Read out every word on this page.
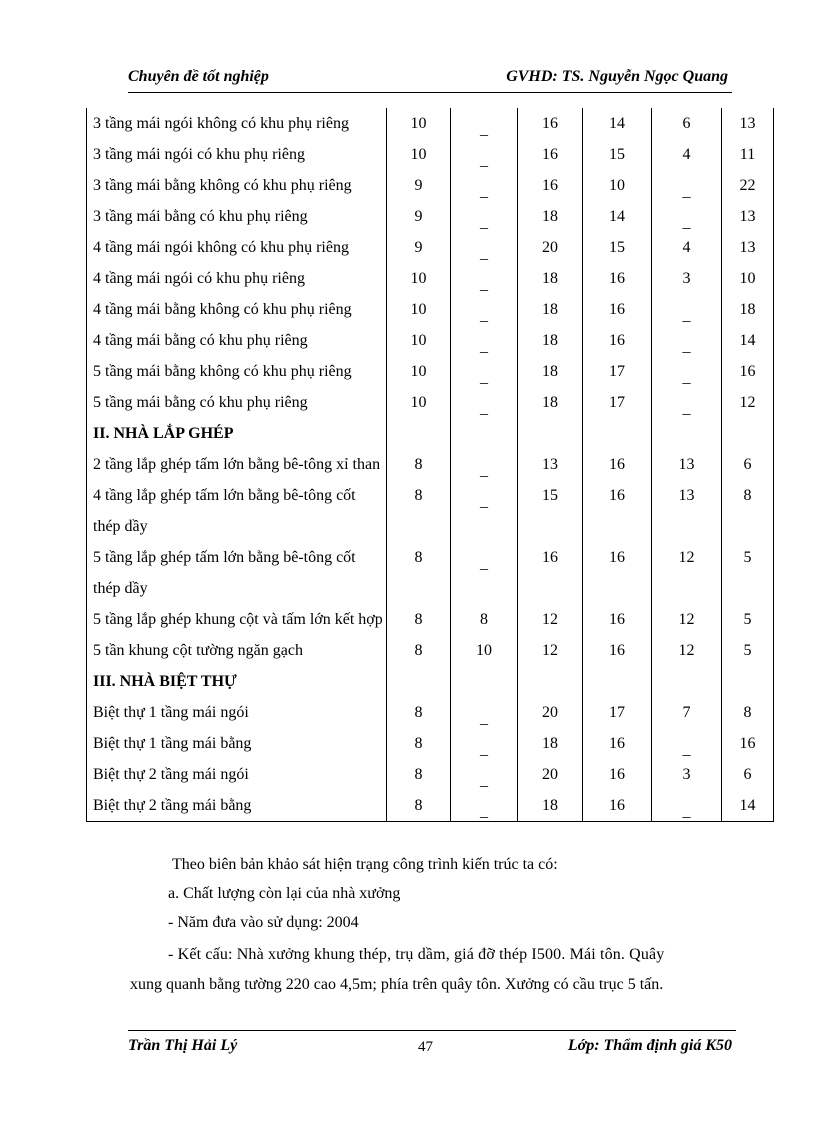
Chuyên đề tốt nghiệp	GVHD: TS. Nguyễn Ngọc Quang
3 tầng mái ngói không có khu phụ riêng	10	_	16	14	6	13
3 tầng mái ngói có khu phụ riêng	10	_	16	15	4	11
3 tầng mái bằng không có khu phụ riêng	9	_	16	10	_	22
3 tầng mái bằng có khu phụ riêng	9	_	18	14	_	13
4 tầng mái ngói không có khu phụ riêng	9	_	20	15	4	13
4 tầng mái ngói có khu phụ riêng	10	_	18	16	3	10
4 tầng mái bằng không có khu phụ riêng	10	_	18	16	_	18
4 tầng mái bằng có khu phụ riêng	10	_	18	16	_	14
5 tầng mái bằng không có khu phụ riêng	10	_	18	17	_	16
5 tầng mái bằng có khu phụ riêng	10	_	18	17	_	12
II. NHÀ LẮP GHÉP						
2 tầng lắp ghép tấm lớn bằng bê-tông xỉ than	8	_	13	16	13	6
4 tầng lắp ghép tấm lớn bằng bê-tông cốt	8	_	15	16	13	8
thép dầy						
5 tầng lắp ghép tấm lớn bằng bê-tông cốt	8	_	16	16	12	5
thép dầy						
5 tầng lắp ghép khung cột và tấm lớn kết hợp	8	8	12	16	12	5
5 tần khung cột tường ngăn gạch	8	10	12	16	12	5
III. NHÀ BIỆT THỰ						
Biệt thự 1 tầng mái ngói	8	_	20	17	7	8
Biệt thự 1 tầng mái bằng	8	_	18	16	_	16
Biệt thự 2 tầng mái ngói	8	_	20	16	3	6
Biệt thự 2 tầng mái bằng	8	_	18	16	_	14
Theo biên bản khảo sát hiện trạng công trình kiến trúc ta có:
a. Chất lượng còn lại của nhà xưởng
- Năm đưa vào sử dụng: 2004
- Kết cấu: Nhà xưởng khung thép, trụ dầm, giá đỡ thép I500. Mái tôn. Quây
xung quanh bằng tường 220 cao 4,5m; phía trên quây tôn. Xưởng có cầu trục 5 tấn.
Trần Thị Hải Lý	47	Lớp: Thẩm định giá K50
